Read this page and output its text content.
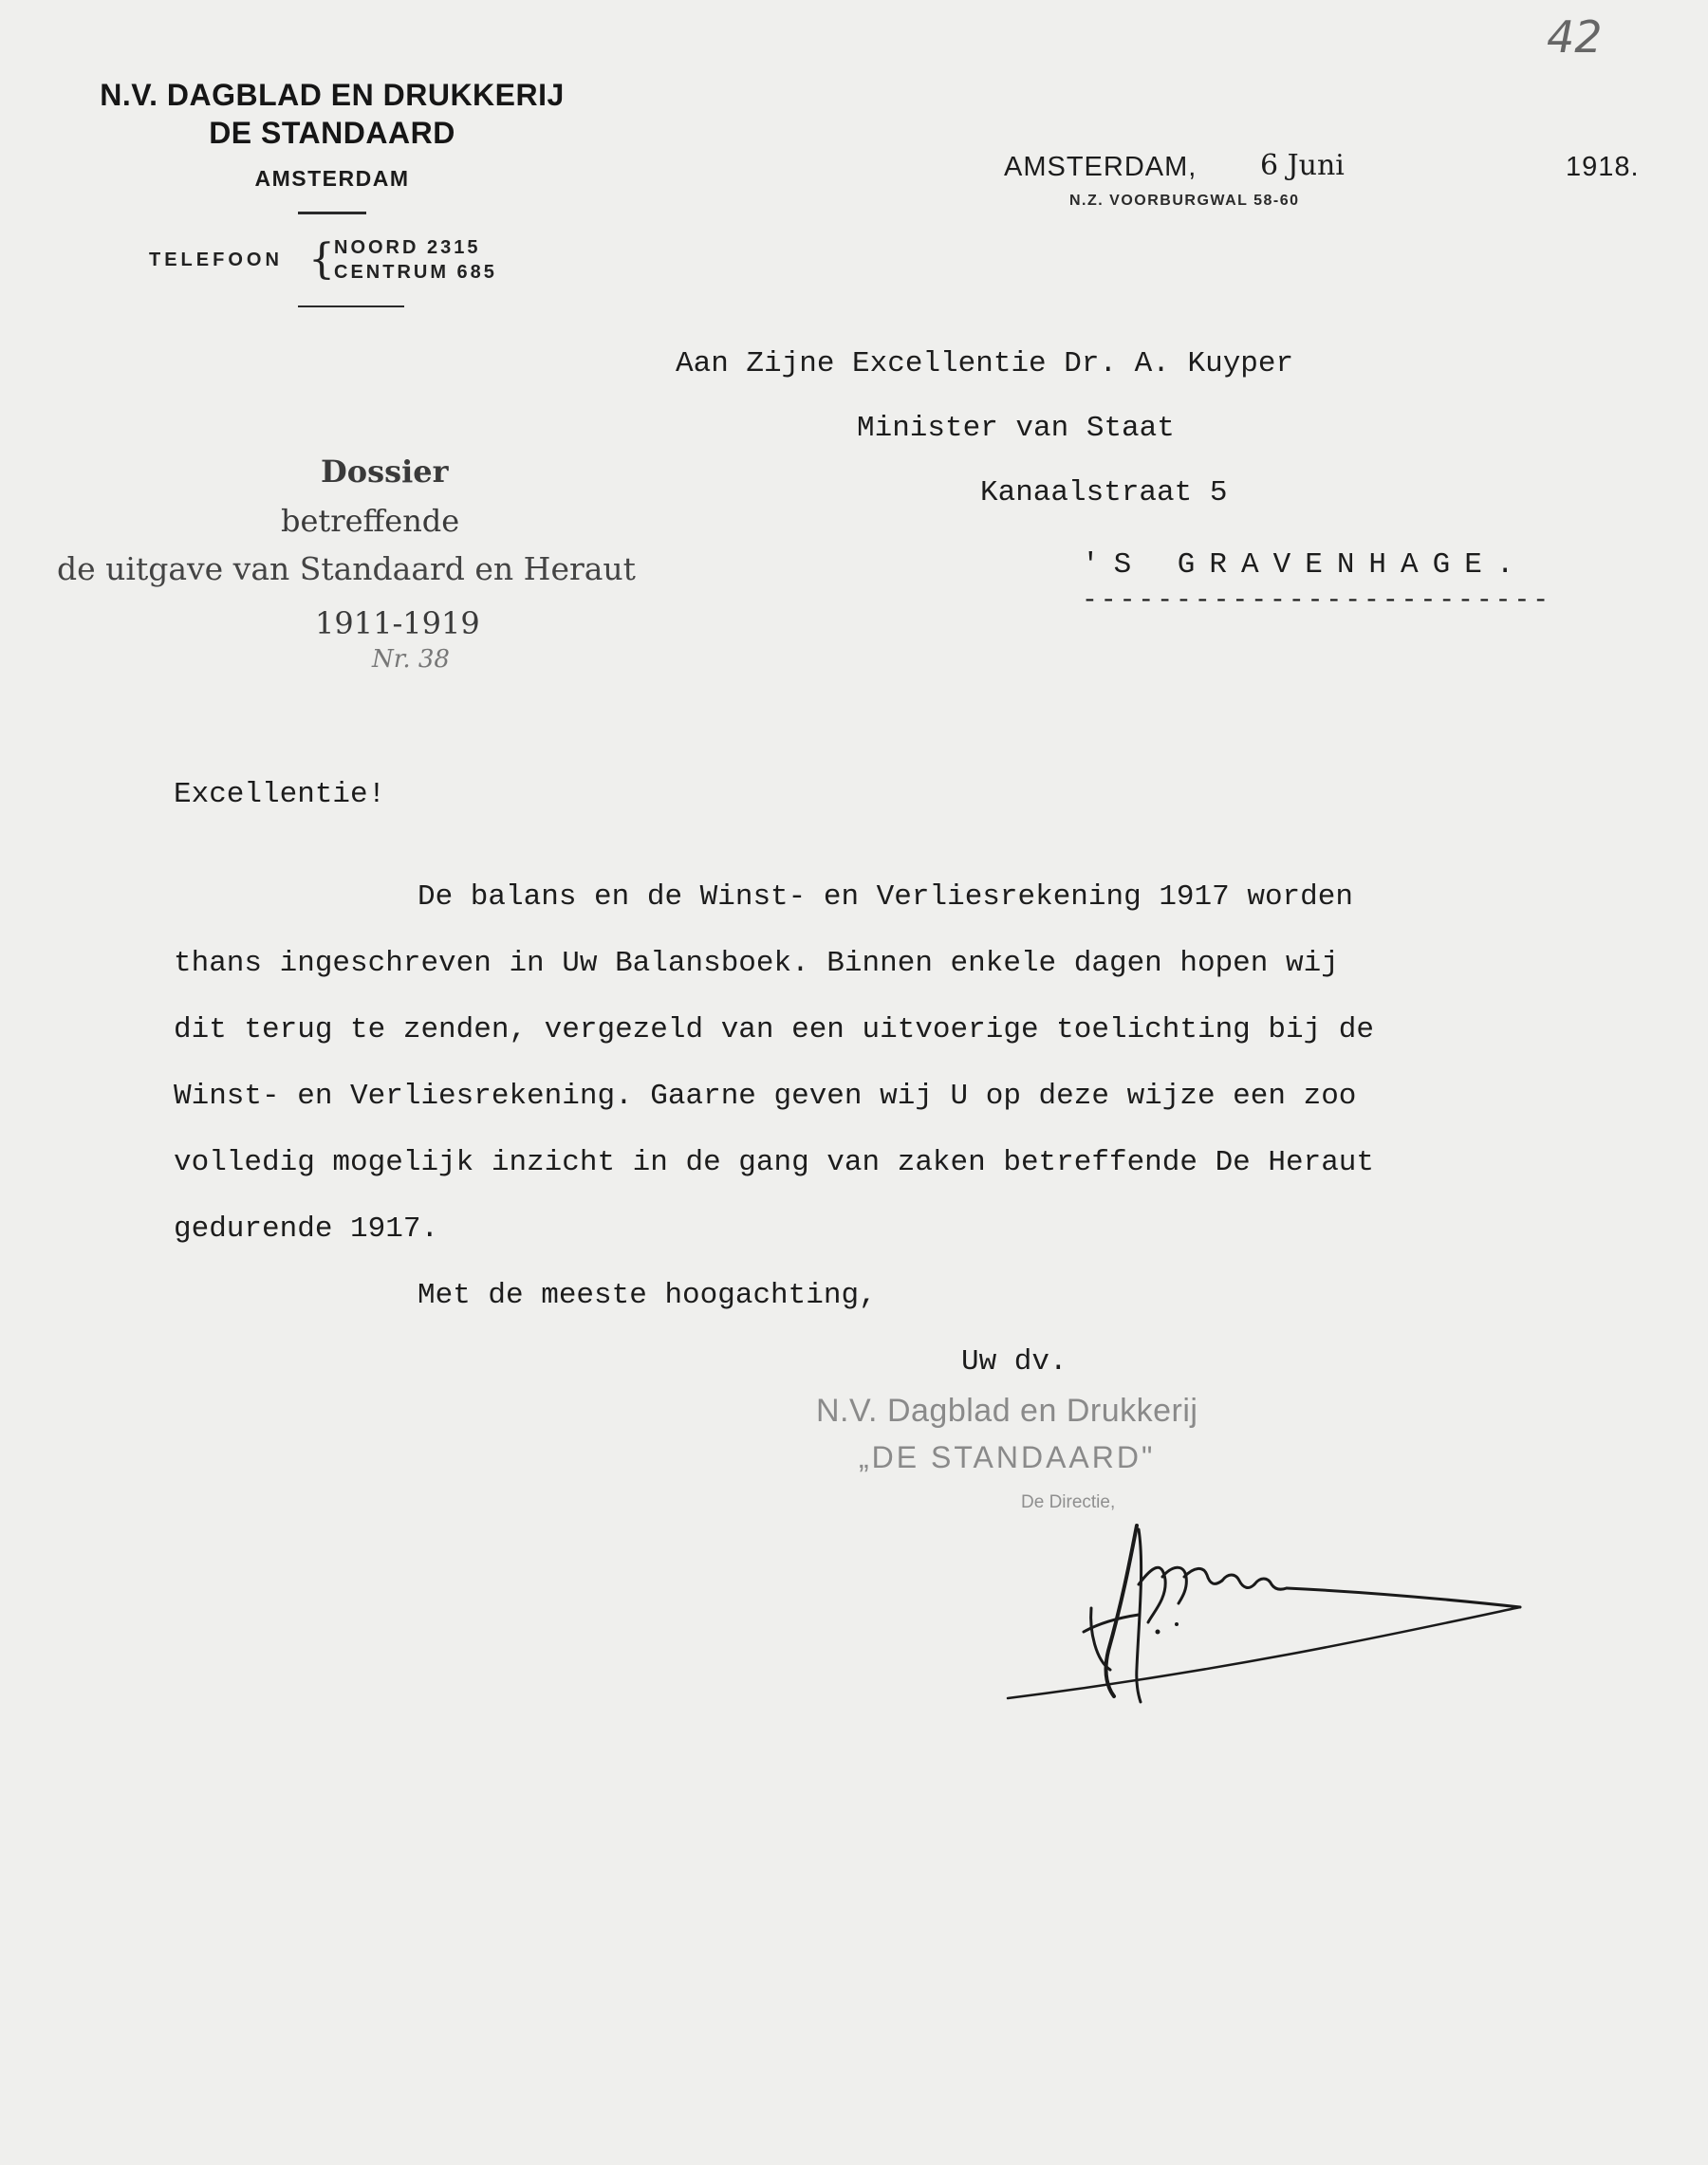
42
N.V. DAGBLAD EN DRUKKERIJ
DE STANDAARD
AMSTERDAM
TELEFOON { NOORD 2315
CENTRUM 685
AMSTERDAM, 6 Juni	1918.
N.Z. VOORBURGWAL 58-60
Aan Zijne Excellentie Dr. A. Kuyper
Minister van Staat
Kanaalstraat 5
'S GRAVENHAGE.
-------------------------
Dossier
betreffende
de uitgave van Standaard en Heraut
1911-1919
Nr. 38
Excellentie!
De balans en de Winst- en Verliesrekening 1917 worden
thans ingeschreven in Uw Balansboek. Binnen enkele dagen hopen wij
dit terug te zenden, vergezeld van een uitvoerige toelichting bij de
Winst- en Verliesrekening. Gaarne geven wij U op deze wijze een zoo
volledig mogelijk inzicht in de gang van zaken betreffende De Heraut
gedurende 1917.
Met de meeste hoogachting,
Uw dv.
N.V. Dagblad en Drukkerij
„DE STANDAARD"
De Directie,
